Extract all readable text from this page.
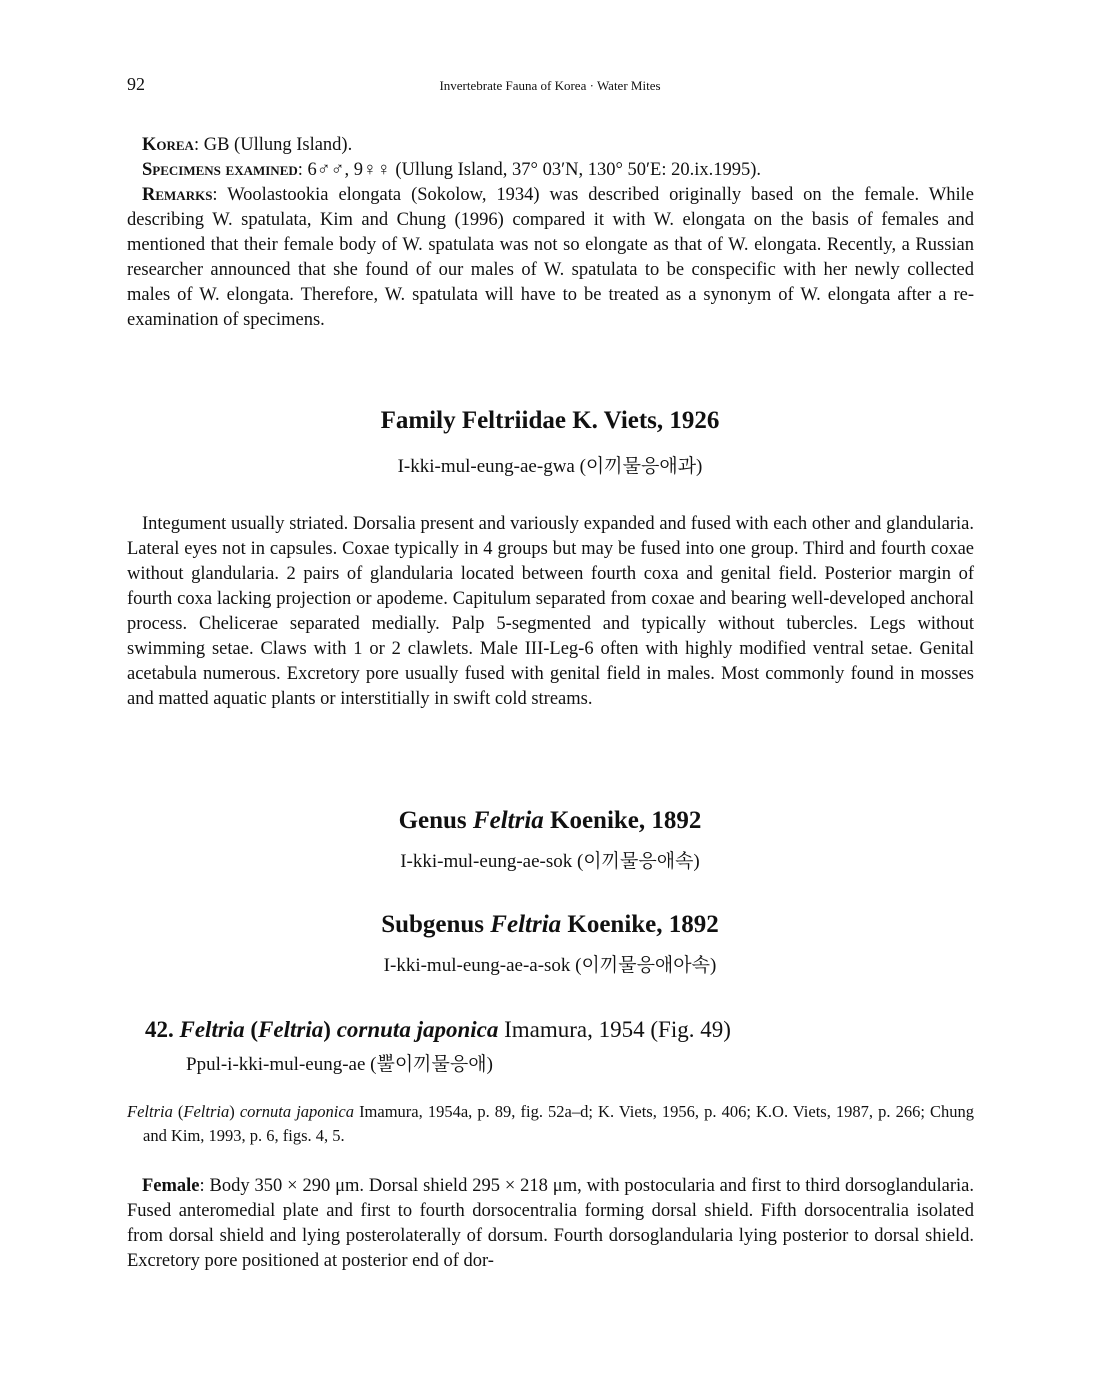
92	Invertebrate Fauna of Korea · Water Mites

Korea: GB (Ullung Island).

Specimens examined: 6♂♂, 9♀♀ (Ullung Island, 37° 03′N, 130° 50′E: 20.ix.1995).

Remarks: Woolastookia elongata (Sokolow, 1934) was described originally based on the female. While describing W. spatulata, Kim and Chung (1996) compared it with W. elongata on the basis of females and mentioned that their female body of W. spatulata was not so elongate as that of W. elongata. Recently, a Russian researcher announced that she found of our males of W. spatulata to be conspecific with her newly collected males of W. elongata. Therefore, W. spatulata will have to be treated as a synonym of W. elongata after a re-examination of specimens.

Family Feltriidae K. Viets, 1926
I-kki-mul-eung-ae-gwa (이끼물응애과)
Integument usually striated. Dorsalia present and variously expanded and fused with each other and glandularia. Lateral eyes not in capsules. Coxae typically in 4 groups but may be fused into one group. Third and fourth coxae without glandularia. 2 pairs of glandularia located between fourth coxa and genital field. Posterior margin of fourth coxa lacking projection or apodeme. Capitulum separated from coxae and bearing well-developed anchoral process. Chelicerae separated medially. Palp 5-segmented and typically without tubercles. Legs without swimming setae. Claws with 1 or 2 clawlets. Male III-Leg-6 often with highly modified ventral setae. Genital acetabula numerous. Excretory pore usually fused with genital field in males. Most commonly found in mosses and matted aquatic plants or interstitially in swift cold streams.
Genus Feltria Koenike, 1892
I-kki-mul-eung-ae-sok (이끼물응애속)
Subgenus Feltria Koenike, 1892
I-kki-mul-eung-ae-a-sok (이끼물응애아속)
42. Feltria (Feltria) cornuta japonica Imamura, 1954 (Fig. 49)
Ppul-i-kki-mul-eung-ae (뿔이끼물응애)
Feltria (Feltria) cornuta japonica Imamura, 1954a, p. 89, fig. 52a–d; K. Viets, 1956, p. 406; K.O. Viets, 1987, p. 266; Chung and Kim, 1993, p. 6, figs. 4, 5.
Female: Body 350 × 290 μm. Dorsal shield 295 × 218 μm, with postocularia and first to third dorsoglandularia. Fused anteromedial plate and first to fourth dorsocentralia forming dorsal shield. Fifth dorsocentralia isolated from dorsal shield and lying posterolaterally of dorsum. Fourth dorsoglandularia lying posterior to dorsal shield. Excretory pore positioned at posterior end of dor-
